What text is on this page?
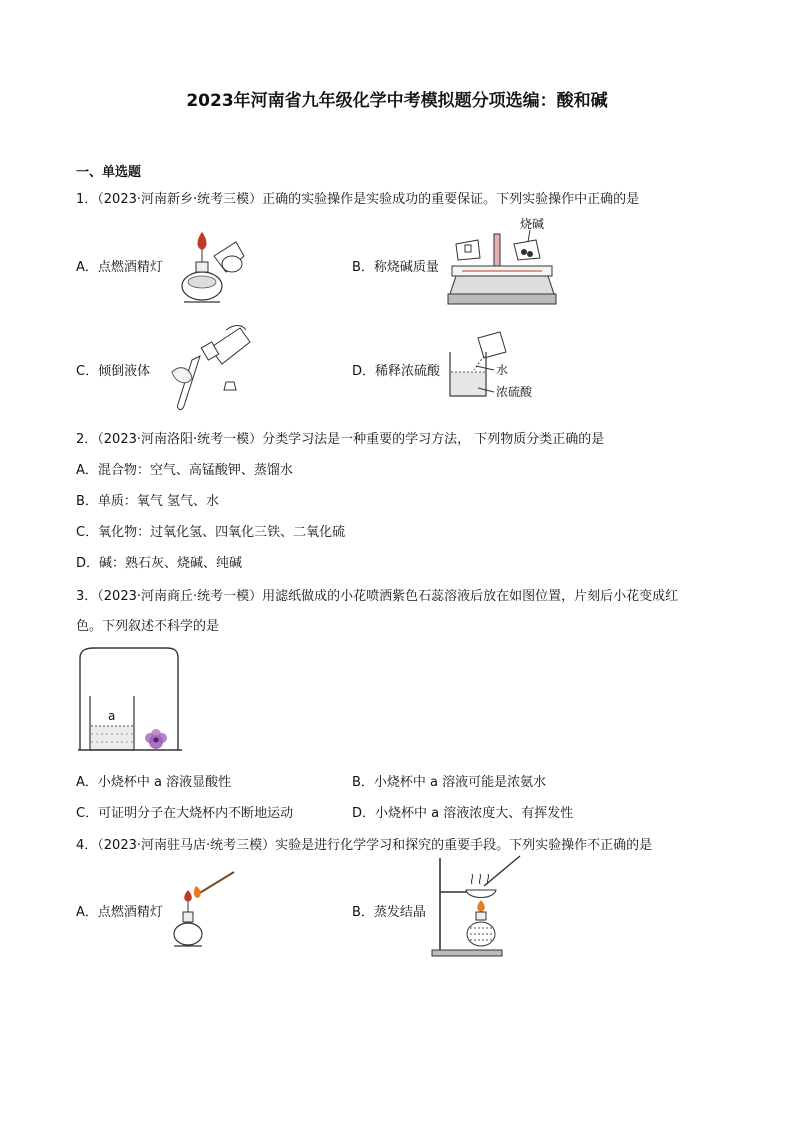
2023年河南省九年级化学中考模拟题分项选编：酸和碱
一、单选题
1．（2023·河南新乡·统考三模）正确的实验操作是实验成功的重要保证。下列实验操作中正确的是
A．点燃酒精灯	B．称烧碱质量
C．倾倒液体	D．稀释浓硫酸
烧碱
水
浓硫酸
2．（2023·河南洛阳·统考一模）分类学习法是一种重要的学习方法， 下列物质分类正确的是
A．混合物：空气、高锰酸钾、蒸馏水
B．单质：氧气 氢气、水
C．氧化物：过氧化氢、四氧化三铁、二氧化硫
D．碱：熟石灰、烧碱、纯碱
3．（2023·河南商丘·统考一模）用滤纸做成的小花喷洒紫色石蕊溶液后放在如图位置，片刻后小花变成红
色。下列叙述不科学的是
a
A．小烧杯中 a 溶液显酸性	B．小烧杯中 a 溶液可能是浓氨水
C．可证明分子在大烧杯内不断地运动	D．小烧杯中 a 溶液浓度大、有挥发性
4．（2023·河南驻马店·统考三模）实验是进行化学学习和探究的重要手段。下列实验操作不正确的是
A．点燃酒精灯	B．蒸发结晶
